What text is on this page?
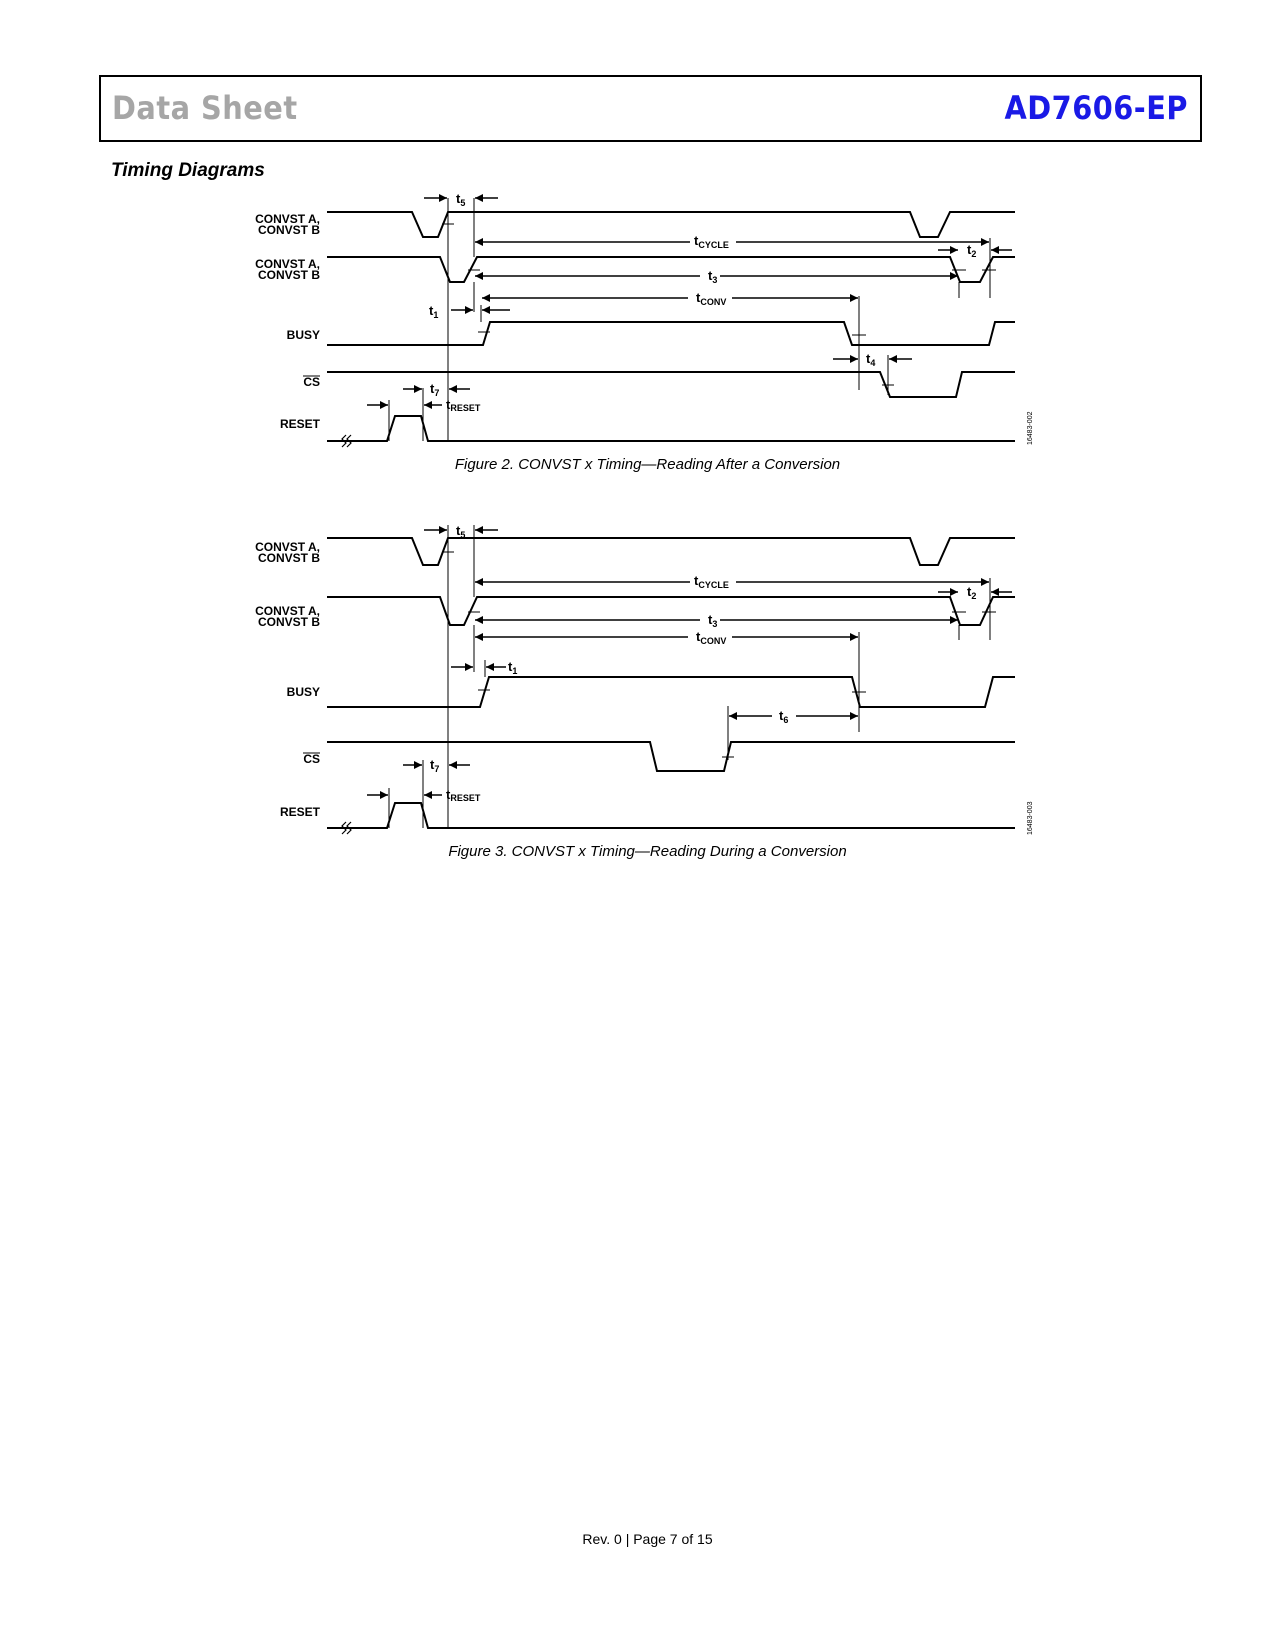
Data Sheet	AD7606-EP
Timing Diagrams
CONVST A,
CONVST B
CONVST A,
CONVST B
BUSY
CS
RESET
$t_5$
$t_{CYCLE}$	$t_2$
$t_3$
$t_{CONV}$
$t_1$
$t_4$
$t_7$
tRESET
16483-002
Figure 2. CONVST x Timing—Reading After a Conversion
CONVST A,
CONVST B
CONVST A,
CONVST B
BUSY
CS
RESET
$t_5$
$t_{CYCLE}$	$t_2$
$t_3$
$t_{CONV}$
$t_1$
$t_6$
$t_7$
tRESET
16483-003
Figure 3. CONVST x Timing—Reading During a Conversion
Rev. 0 | Page 7 of 15
